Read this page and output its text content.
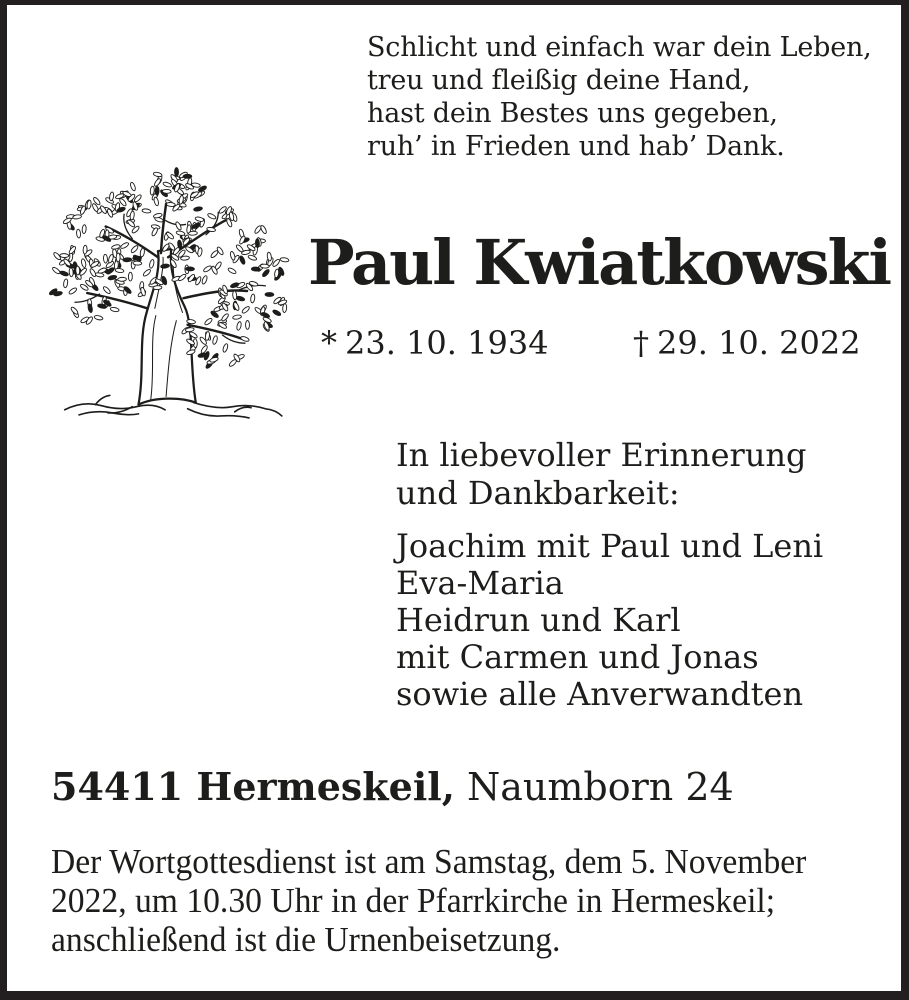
Schlicht und einfach war dein Leben,
treu und fleißig deine Hand,
hast dein Bestes uns gegeben,
ruh’ in Frieden und hab’ Dank.
Paul Kwiatkowski
* 23. 10. 1934	† 29. 10. 2022
In liebevoller Erinnerung
und Dankbarkeit:
Joachim mit Paul und Leni
Eva-Maria
Heidrun und Karl
mit Carmen und Jonas
sowie alle Anverwandten
54411 Hermeskeil, Naumborn 24
Der Wortgottesdienst ist am Samstag, dem 5. November
2022, um 10.30 Uhr in der Pfarrkirche in Hermeskeil;
anschließend ist die Urnenbeisetzung.
